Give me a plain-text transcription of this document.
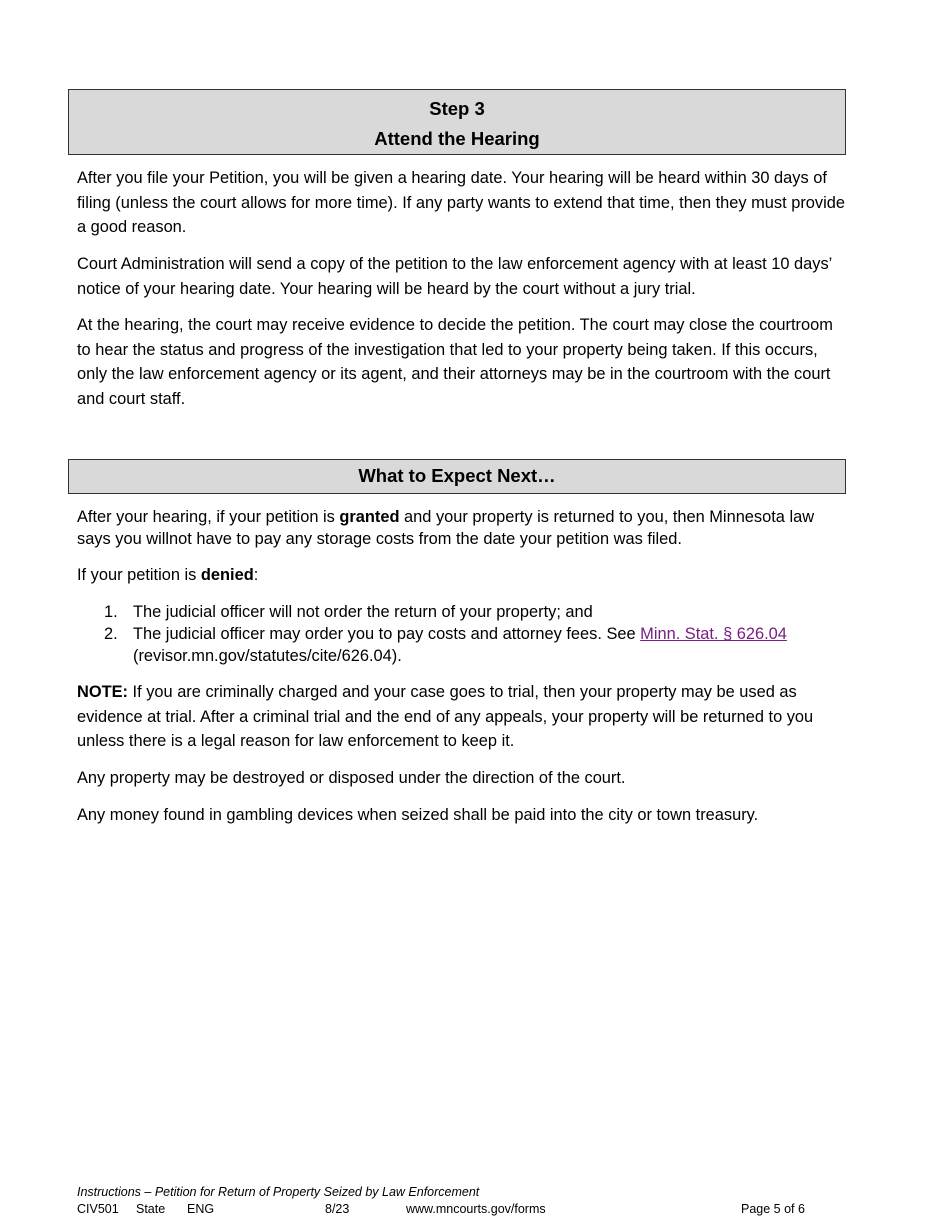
Step 3
Attend the Hearing

After you file your Petition, you will be given a hearing date. Your hearing will be heard within 30 days of filing (unless the court allows for more time). If any party wants to extend that time, then they must provide a good reason.

Court Administration will send a copy of the petition to the law enforcement agency with at least 10 days’ notice of your hearing date. Your hearing will be heard by the court without a jury trial.

At the hearing, the court may receive evidence to decide the petition. The court may close the courtroom to hear the status and progress of the investigation that led to your property being taken. If this occurs, only the law enforcement agency or its agent, and their attorneys may be in the courtroom with the court and court staff.

What to Expect Next…

After your hearing, if your petition is granted and your property is returned to you, then Minnesota law says you willnot have to pay any storage costs from the date your petition was filed.

If your petition is denied:

1. The judicial officer will not order the return of your property; and
2. The judicial officer may order you to pay costs and attorney fees. See Minn. Stat. § 626.04
(revisor.mn.gov/statutes/cite/626.04).

NOTE: If you are criminally charged and your case goes to trial, then your property may be used as evidence at trial. After a criminal trial and the end of any appeals, your property will be returned to you unless there is a legal reason for law enforcement to keep it.

Any property may be destroyed or disposed under the direction of the court.

Any money found in gambling devices when seized shall be paid into the city or town treasury.

Instructions – Petition for Return of Property Seized by Law Enforcement
CIV501 State ENG	8/23	www.mncourts.gov/forms	Page 5 of 6
